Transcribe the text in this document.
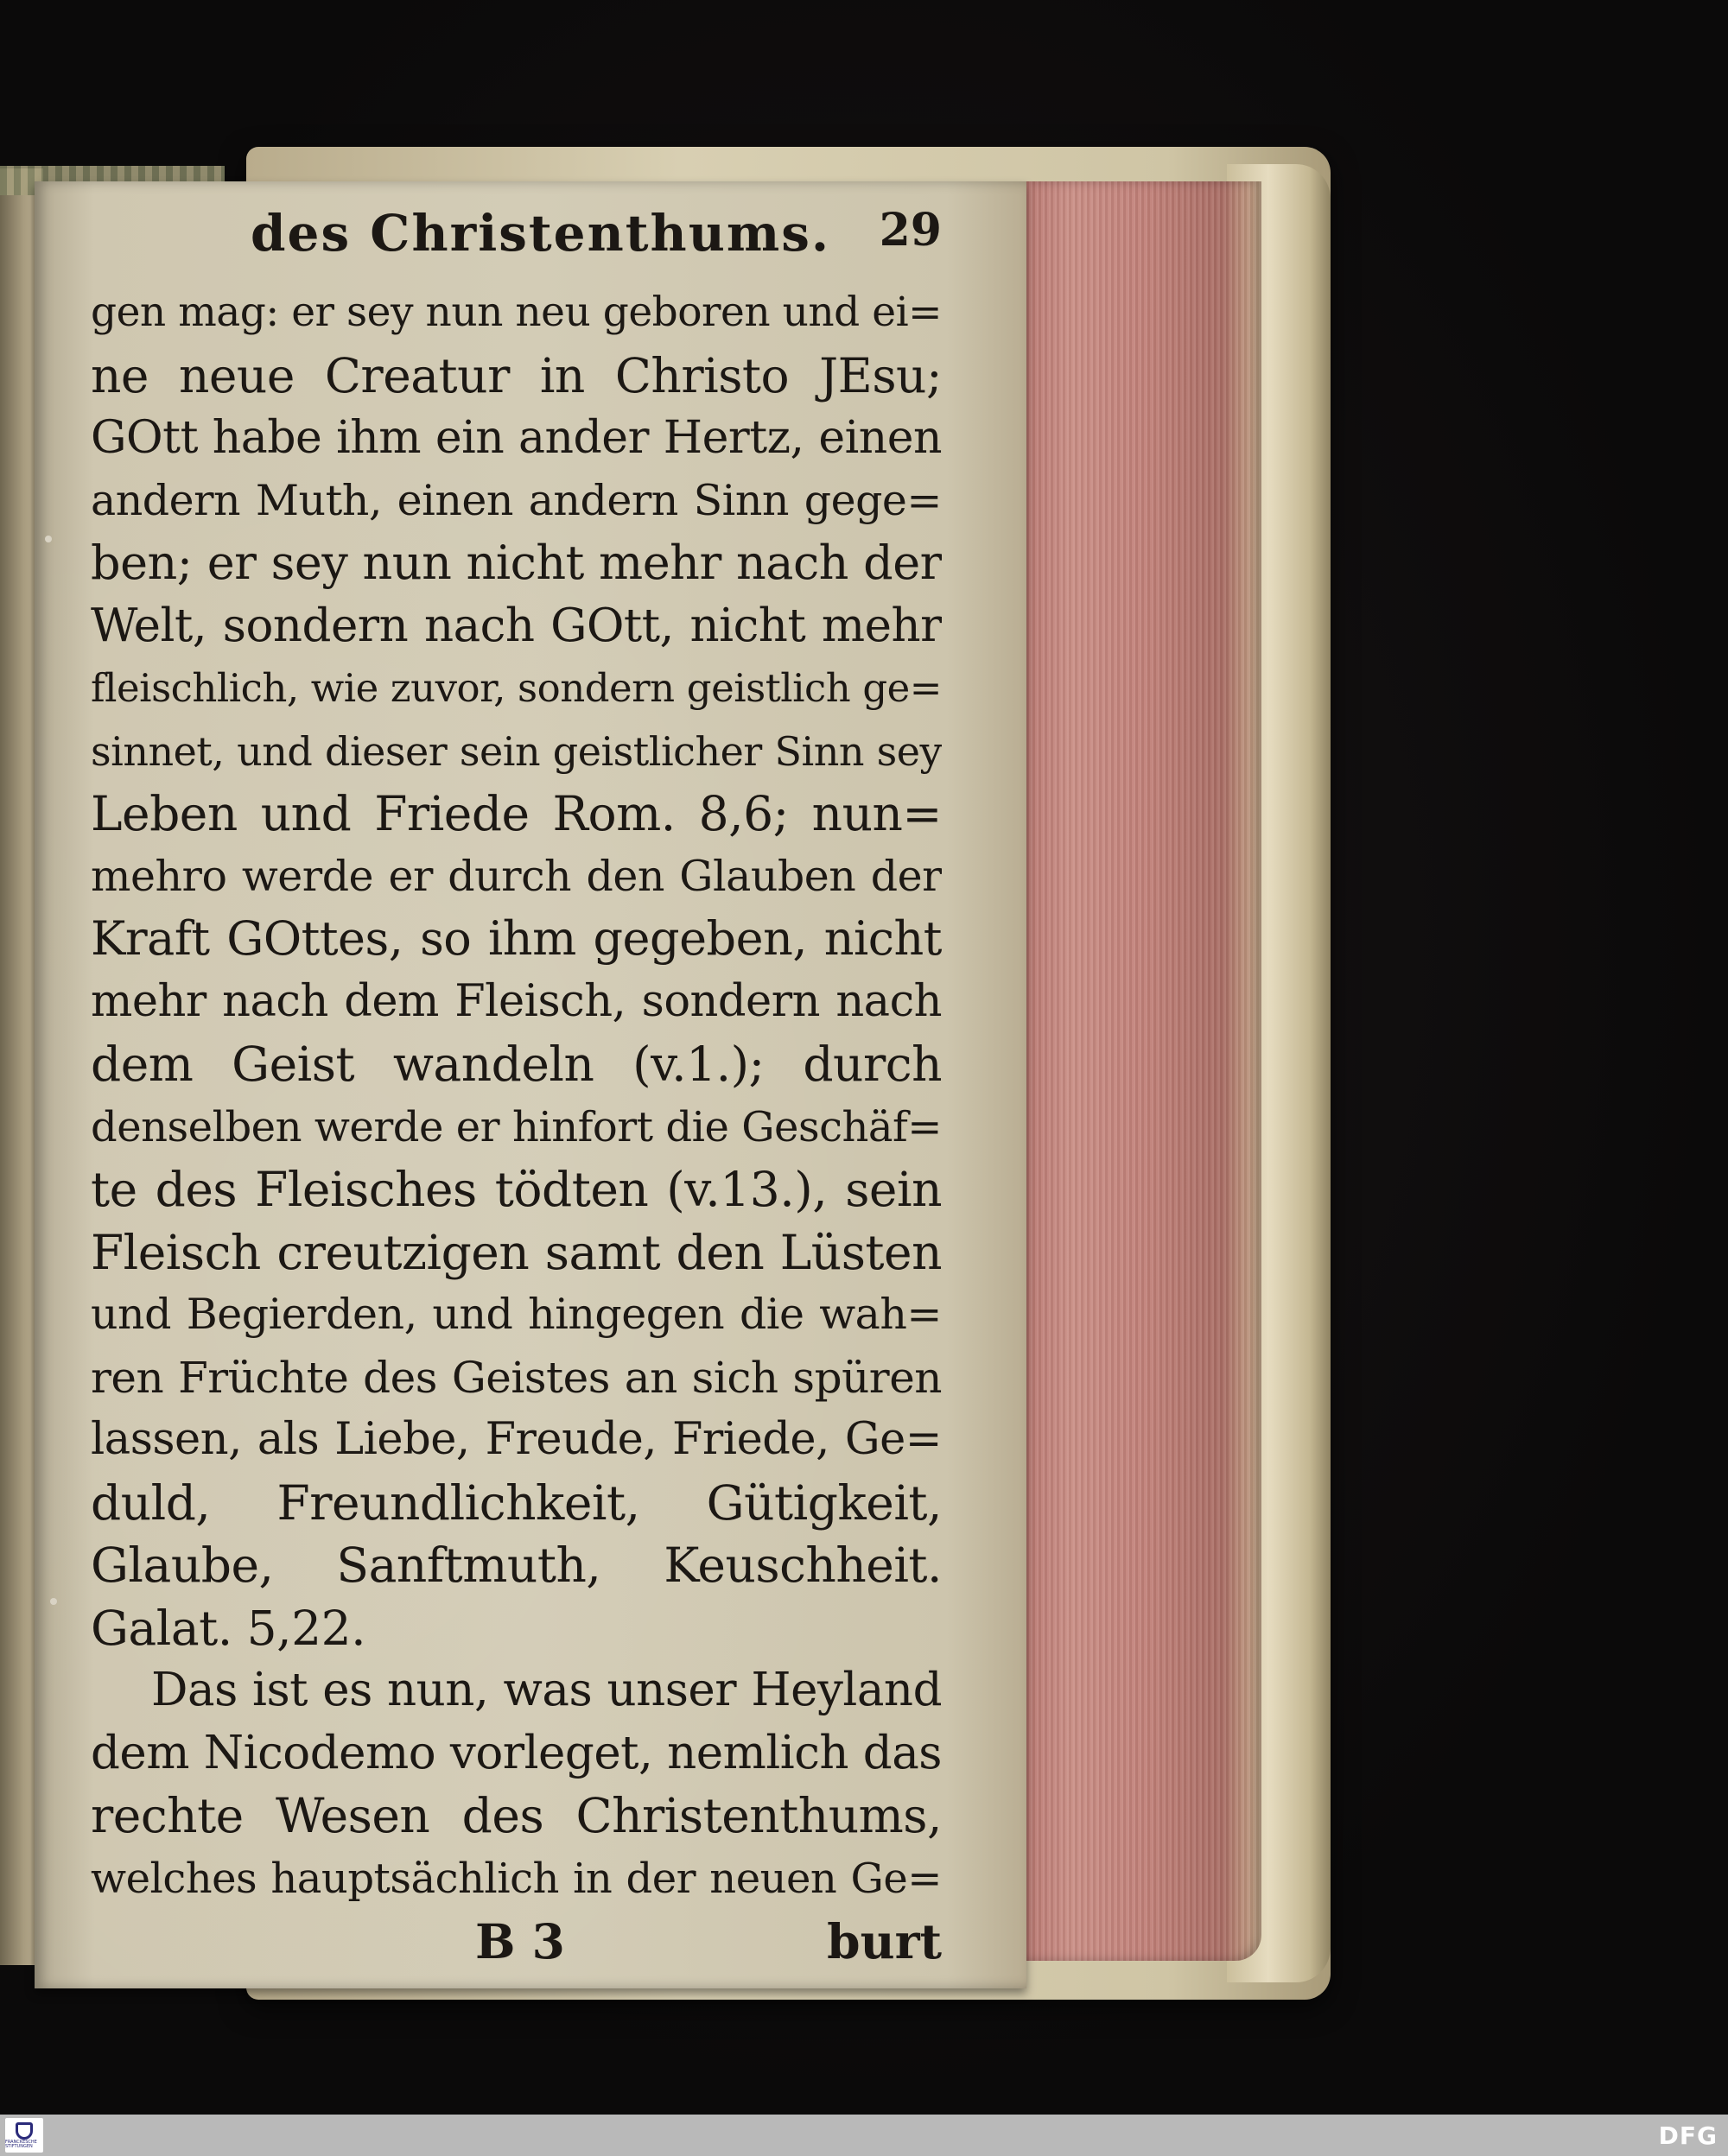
des Christenthums. 29
gen mag: er sey nun neu geboren und ei=
ne neue Creatur in Christo JEsu;
GOtt habe ihm ein ander Hertz, einen
andern Muth, einen andern Sinn gege=
ben; er sey nun nicht mehr nach der
Welt, sondern nach GOtt, nicht mehr
fleischlich, wie zuvor, sondern geistlich ge=
sinnet, und dieser sein geistlicher Sinn sey
Leben und Friede Rom. 8,6; nun=
mehro werde er durch den Glauben der
Kraft GOttes, so ihm gegeben, nicht
mehr nach dem Fleisch, sondern nach
dem Geist wandeln (v.1.); durch
denselben werde er hinfort die Geschäf=
te des Fleisches tödten (v.13.), sein
Fleisch creutzigen samt den Lüsten
und Begierden, und hingegen die wah=
ren Früchte des Geistes an sich spüren
lassen, als Liebe, Freude, Friede, Ge=
duld, Freundlichkeit, Gütigkeit,
Glaube, Sanftmuth, Keuschheit.
Galat. 5,22.
Das ist es nun, was unser Heyland
dem Nicodemo vorleget, nemlich das
rechte Wesen des Christenthums,
welches hauptsächlich in der neuen Ge=
B 3	burt
FRANCKESCHE STIFTUNGEN	DFG
